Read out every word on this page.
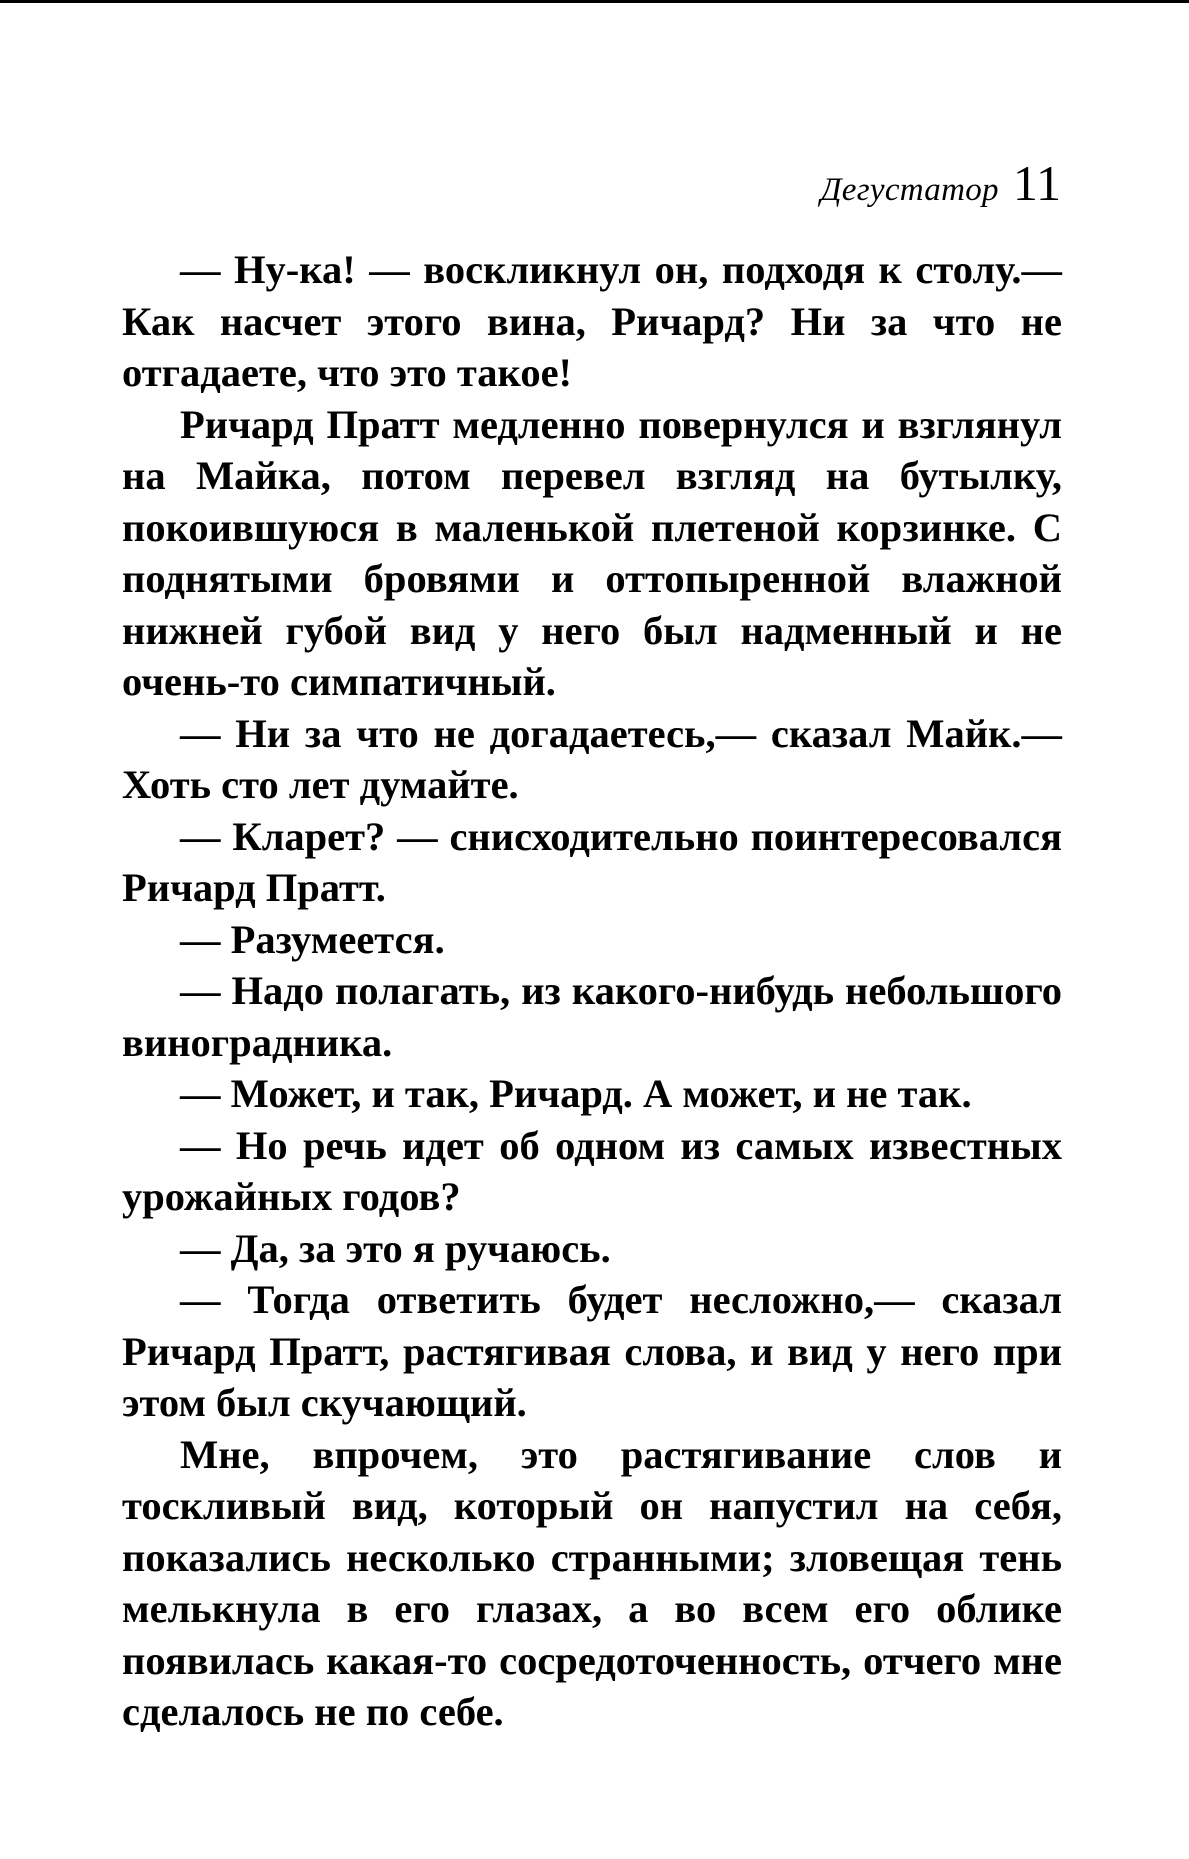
Дегустатор 11

— Ну-ка! — воскликнул он, подходя к столу.— Как насчет этого вина, Ричард? Ни за что не отгадаете, что это такое!

Ричард Пратт медленно повернулся и взглянул на Майка, потом перевел взгляд на бутылку, покоившуюся в маленькой плетеной корзинке. С поднятыми бровями и оттопыренной влажной нижней губой вид у него был надменный и не очень-то симпатичный.

— Ни за что не догадаетесь,— сказал Майк.— Хоть сто лет думайте.

— Кларет? — снисходительно поинтересовался Ричард Пратт.

— Разумеется.

— Надо полагать, из какого-нибудь небольшого виноградника.

— Может, и так, Ричард. А может, и не так.

— Но речь идет об одном из самых известных урожайных годов?

— Да, за это я ручаюсь.

— Тогда ответить будет несложно,— сказал Ричард Пратт, растягивая слова, и вид у него при этом был скучающий.

Мне, впрочем, это растягивание слов и тоскливый вид, который он напустил на себя, показались несколько странными; зловещая тень мелькнула в его глазах, а во всем его облике появилась какая-то сосредоточенность, отчего мне сделалось не по себе.
